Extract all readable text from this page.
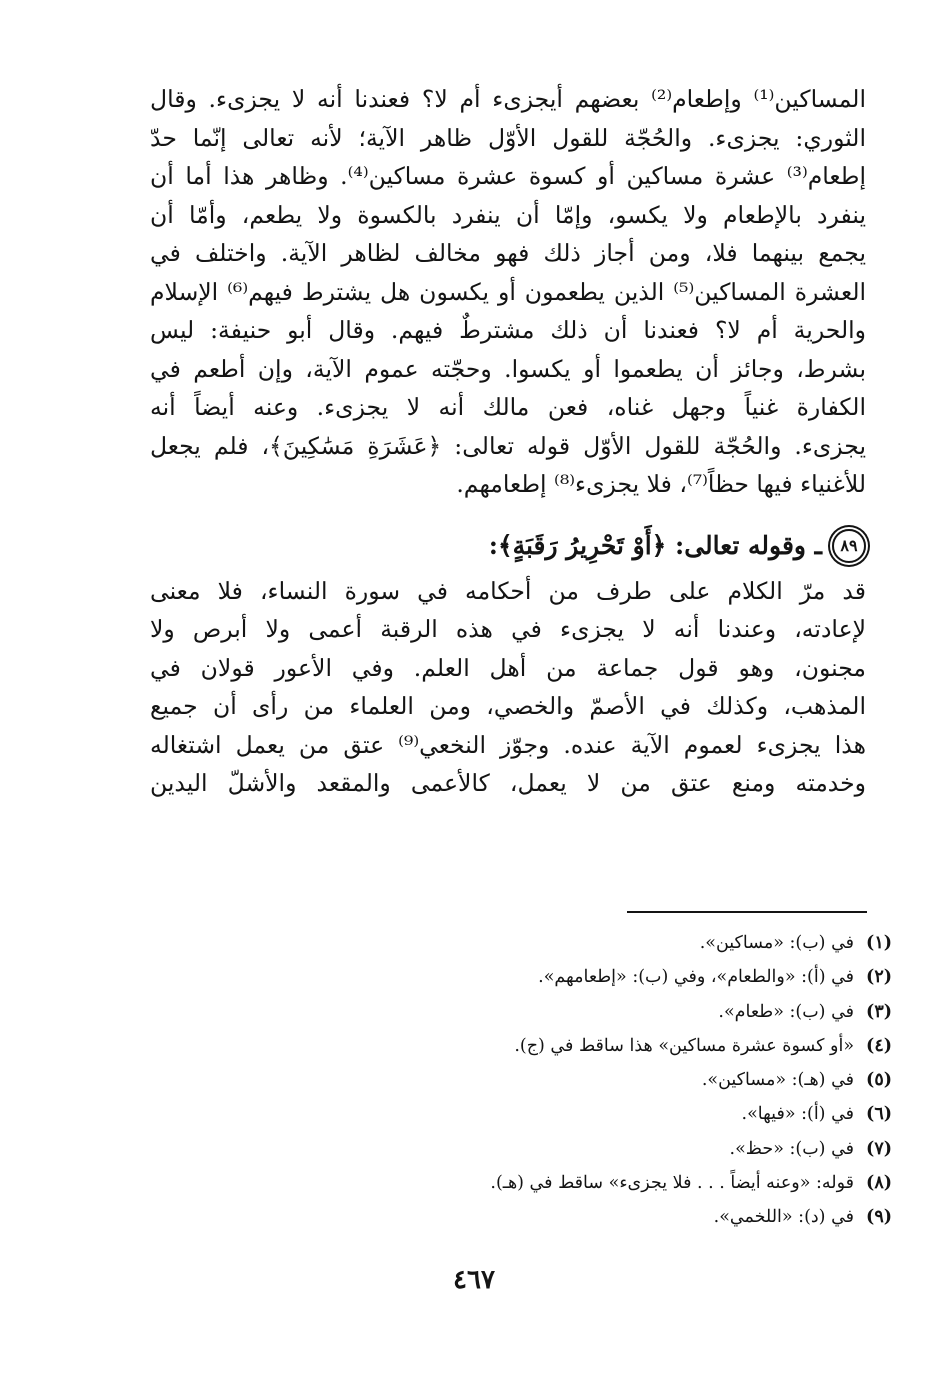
المساكين⁽¹⁾ وإطعام⁽²⁾ بعضهم أيجزىء أم لا؟ فعندنا أنه لا يجزىء. وقال
الثوري: يجزىء. والحُجّة للقول الأوّل ظاهر الآية؛ لأنه تعالى إنّما حدّ
إطعام⁽³⁾ عشرة مساكين أو كسوة عشرة مساكين⁽⁴⁾. وظاهر هذا أما أن
ينفرد بالإطعام ولا يكسو، وإمّا أن ينفرد بالكسوة ولا يطعم، وأمّا أن
يجمع بينهما فلا، ومن أجاز ذلك فهو مخالف لظاهر الآية. واختلف في
العشرة المساكين⁽⁵⁾ الذين يطعمون أو يكسون هل يشترط فيهم⁽⁶⁾ الإسلام
والحرية أم لا؟ فعندنا أن ذلك مشترطٌ فيهم. وقال أبو حنيفة: ليس
بشرط، وجائز أن يطعموا أو يكسوا. وحجّته عموم الآية، وإن أطعم في
الكفارة غنياً وجهل غناه، فعن مالك أنه لا يجزىء. وعنه أيضاً أنه
يجزىء. والحُجّة للقول الأوّل قوله تعالى: ﴿عَشَرَةِ مَسَٰكِينَ﴾، فلم يجعل
للأغنياء فيها حظاً⁽⁷⁾، فلا يجزىء⁽⁸⁾ إطعامهم.
٨٩
ـ وقوله تعالى: ﴿أَوْ تَحْرِيرُ رَقَبَةٍ﴾:
قد مرّ الكلام على طرف من أحكامه في سورة النساء، فلا معنى
لإعادته، وعندنا أنه لا يجزىء في هذه الرقبة أعمى ولا أبرص ولا
مجنون، وهو قول جماعة من أهل العلم. وفي الأعور قولان في
المذهب، وكذلك في الأصمّ والخصي، ومن العلماء من رأى أن جميع
هذا يجزىء لعموم الآية عنده. وجوّز النخعي⁽⁹⁾ عتق من يعمل اشتغاله
وخدمته ومنع عتق من لا يعمل، كالأعمى والمقعد والأشلّ اليدين
(١)في (ب): «مساكين».
(٢)في (أ): «والطعام»، وفي (ب): «إطعامهم».
(٣)في (ب): «طعام».
(٤)«أو كسوة عشرة مساكين» هذا ساقط في (ج).
(٥)في (هـ): «مساكين».
(٦)في (أ): «فيها».
(٧)في (ب): «حظ».
(٨)قوله: «وعنه أيضاً . . . فلا يجزىء» ساقط في (هـ).
(٩)في (د): «اللخمي».
٤٦٧
